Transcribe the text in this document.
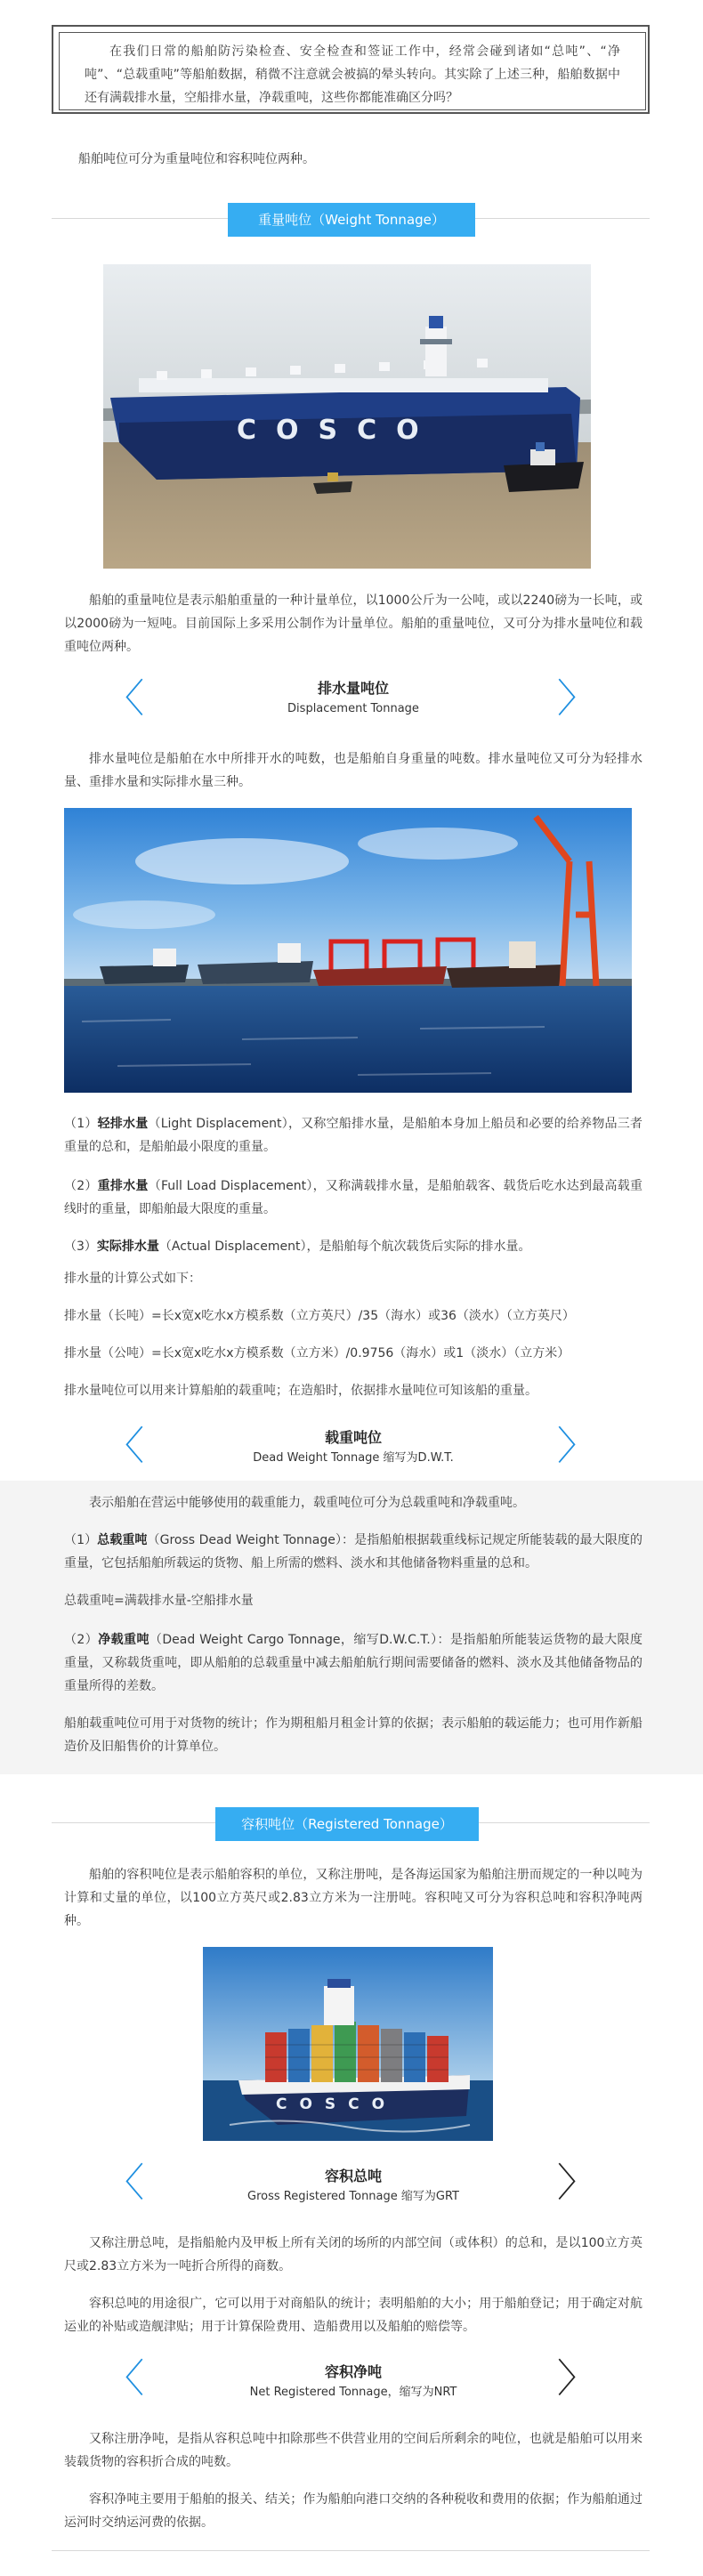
在我们日常的船舶防污染检查、安全检查和签证工作中，经常会碰到诸如“总吨”、“净吨”、“总载重吨”等船舶数据，稍微不注意就会被搞的晕头转向。其实除了上述三种，船舶数据中还有满载排水量，空船排水量，净载重吨，这些你都能准确区分吗？

船舶吨位可分为重量吨位和容积吨位两种。

重量吨位（Weight Tonnage）
COSCO

船舶的重量吨位是表示船舶重量的一种计量单位，以1000公斤为一公吨，或以2240磅为一长吨，或以2000磅为一短吨。目前国际上多采用公制作为计量单位。船舶的重量吨位，又可分为排水量吨位和载重吨位两种。

〈	〉
排水量吨位
Displacement Tonnage

排水量吨位是船舶在水中所排开水的吨数，也是船舶自身重量的吨数。排水量吨位又可分为轻排水量、重排水量和实际排水量三种。

（1）轻排水量（Light Displacement），又称空船排水量，是船舶本身加上船员和必要的给养物品三者重量的总和，是船舶最小限度的重量。

（2）重排水量（Full Load Displacement），又称满载排水量，是船舶载客、载货后吃水达到最高载重线时的重量，即船舶最大限度的重量。

（3）实际排水量（Actual Displacement），是船舶每个航次载货后实际的排水量。

排水量的计算公式如下：

排水量（长吨）=长x宽x吃水x方模系数（立方英尺）/35（海水）或36（淡水）（立方英尺）

排水量（公吨）=长x宽x吃水x方模系数（立方米）/0.9756（海水）或1（淡水）（立方米）

排水量吨位可以用来计算船舶的载重吨；在造船时，依据排水量吨位可知该船的重量。

〈	〉
载重吨位
Dead Weight Tonnage 缩写为D.W.T.

表示船舶在营运中能够使用的载重能力，载重吨位可分为总载重吨和净载重吨。

（1）总载重吨（Gross Dead Weight Tonnage）：是指船舶根据载重线标记规定所能装载的最大限度的重量，它包括船舶所载运的货物、船上所需的燃料、淡水和其他储备物料重量的总和。

总载重吨=满载排水量-空船排水量

（2）净载重吨（Dead Weight Cargo Tonnage，缩写D.W.C.T.）：是指船舶所能装运货物的最大限度重量，又称载货重吨，即从船舶的总载重量中减去船舶航行期间需要储备的燃料、淡水及其他储备物品的重量所得的差数。

船舶载重吨位可用于对货物的统计；作为期租船月租金计算的依据；表示船舶的载运能力；也可用作新船造价及旧船售价的计算单位。

容积吨位（Registered Tonnage）

船舶的容积吨位是表示船舶容积的单位，又称注册吨，是各海运国家为船舶注册而规定的一种以吨为计算和丈量的单位，以100立方英尺或2.83立方米为一注册吨。容积吨又可分为容积总吨和容积净吨两种。

COSCO
〈	〉
容积总吨
Gross Registered Tonnage 缩写为GRT

又称注册总吨，是指船舱内及甲板上所有关闭的场所的内部空间（或体积）的总和，是以100立方英尺或2.83立方米为一吨折合所得的商数。

容积总吨的用途很广，它可以用于对商船队的统计；表明船舶的大小；用于船舶登记；用于确定对航运业的补贴或造舰津贴；用于计算保险费用、造船费用以及船舶的赔偿等。

〈	〉
容积净吨
Net Registered Tonnage，缩写为NRT

又称注册净吨，是指从容积总吨中扣除那些不供营业用的空间后所剩余的吨位，也就是船舶可以用来装载货物的容积折合成的吨数。

容积净吨主要用于船舶的报关、结关；作为船舶向港口交纳的各种税收和费用的依据；作为船舶通过运河时交纳运河费的依据。
